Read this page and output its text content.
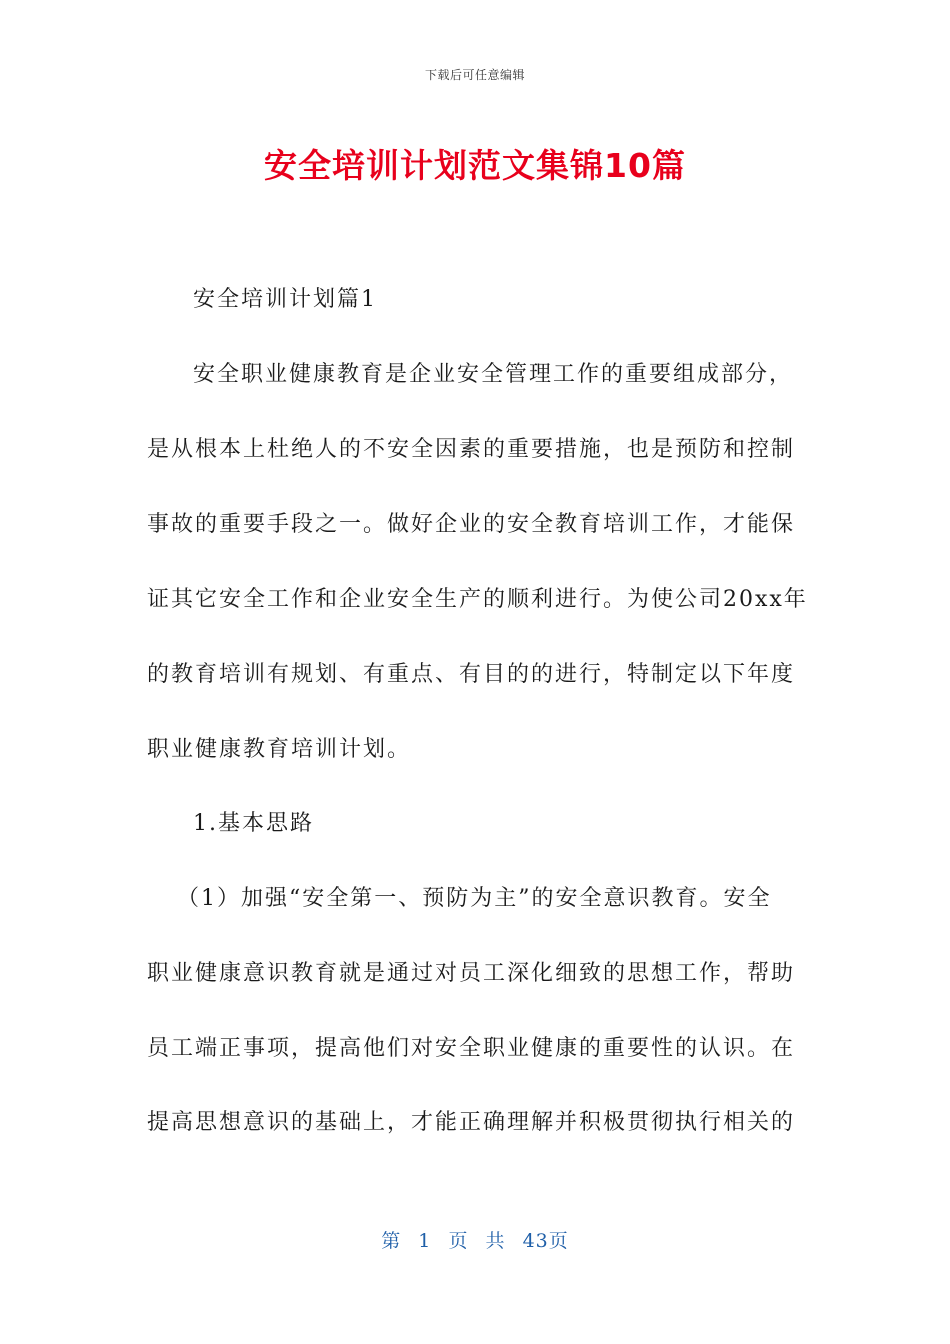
下载后可任意编辑
安全培训计划范文集锦10篇
安全培训计划篇1
安全职业健康教育是企业安全管理工作的重要组成部分，
是从根本上杜绝人的不安全因素的重要措施，也是预防和控制
事故的重要手段之一。做好企业的安全教育培训工作，才能保
证其它安全工作和企业安全生产的顺利进行。为使公司20xx年
的教育培训有规划、有重点、有目的的进行，特制定以下年度
职业健康教育培训计划。
1.基本思路
（1）加强“安全第一、预防为主”的安全意识教育。安全
职业健康意识教育就是通过对员工深化细致的思想工作，帮助
员工端正事项，提高他们对安全职业健康的重要性的认识。在
提高思想意识的基础上，才能正确理解并积极贯彻执行相关的
第 1 页 共 43页
